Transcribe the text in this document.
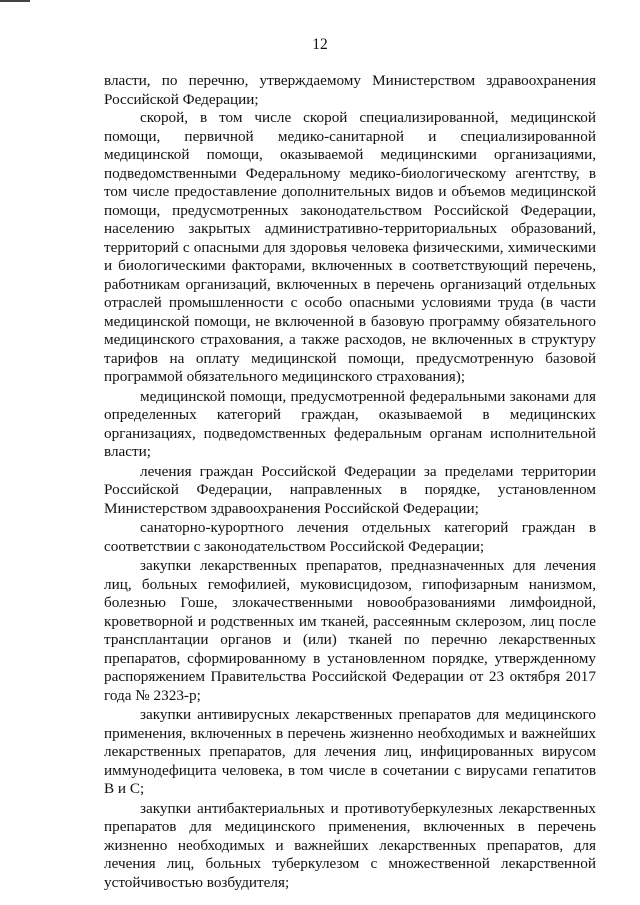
12

власти, по перечню, утверждаемому Министерством здравоохранения Российской Федерации;

скорой, в том числе скорой специализированной, медицинской помощи, первичной медико-санитарной и специализированной медицинской помощи, оказываемой медицинскими организациями, подведомственными Федеральному медико-биологическому агентству, в том числе предоставление дополнительных видов и объемов медицинской помощи, предусмотренных законодательством Российской Федерации, населению закрытых административно-территориальных образований, территорий с опасными для здоровья человека физическими, химическими и биологическими факторами, включенных в соответствующий перечень, работникам организаций, включенных в перечень организаций отдельных отраслей промышленности с особо опасными условиями труда (в части медицинской помощи, не включенной в базовую программу обязательного медицинского страхования, а также расходов, не включенных в структуру тарифов на оплату медицинской помощи, предусмотренную базовой программой обязательного медицинского страхования);

медицинской помощи, предусмотренной федеральными законами для определенных категорий граждан, оказываемой в медицинских организациях, подведомственных федеральным органам исполнительной власти;

лечения граждан Российской Федерации за пределами территории Российской Федерации, направленных в порядке, установленном Министерством здравоохранения Российской Федерации;

санаторно-курортного лечения отдельных категорий граждан в соответствии с законодательством Российской Федерации;

закупки лекарственных препаратов, предназначенных для лечения лиц, больных гемофилией, муковисцидозом, гипофизарным нанизмом, болезнью Гоше, злокачественными новообразованиями лимфоидной, кроветворной и родственных им тканей, рассеянным склерозом, лиц после трансплантации органов и (или) тканей по перечню лекарственных препаратов, сформированному в установленном порядке, утвержденному распоряжением Правительства Российской Федерации от 23 октября 2017 года № 2323-р;

закупки антивирусных лекарственных препаратов для медицинского применения, включенных в перечень жизненно необходимых и важнейших лекарственных препаратов, для лечения лиц, инфицированных вирусом иммунодефицита человека, в том числе в сочетании с вирусами гепатитов B и C;

закупки антибактериальных и противотуберкулезных лекарственных препаратов для медицинского применения, включенных в перечень жизненно необходимых и важнейших лекарственных препаратов, для лечения лиц, больных туберкулезом с множественной лекарственной устойчивостью возбудителя;
